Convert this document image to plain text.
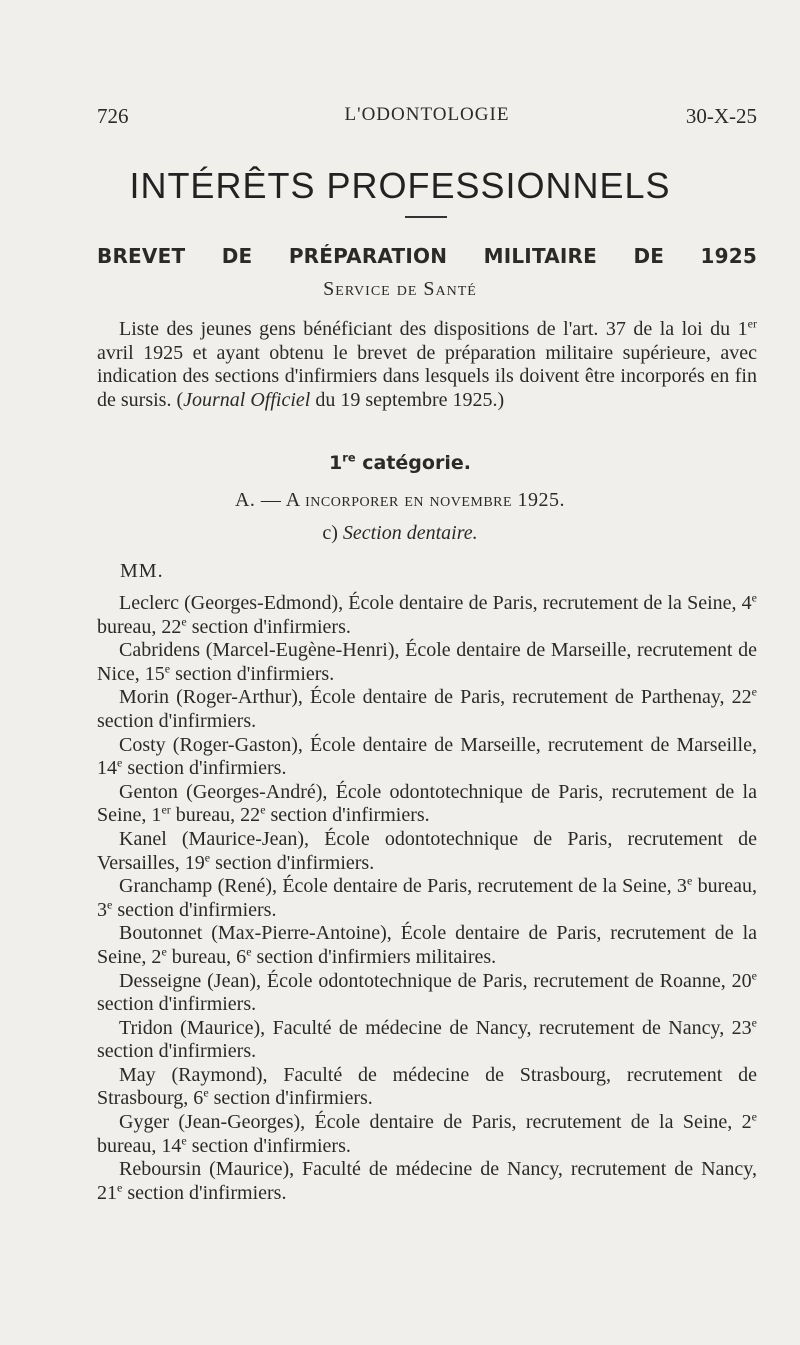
726	L'ODONTOLOGIE	30-X-25
INTÉRÊTS PROFESSIONNELS
BREVET DE PRÉPARATION MILITAIRE DE 1925
Service de Santé

Liste des jeunes gens bénéficiant des dispositions de l'art. 37 de la loi du 1er avril 1925 et ayant obtenu le brevet de préparation militaire supérieure, avec indication des sections d'infirmiers dans lesquels ils doivent être incorporés en fin de sursis. (Journal Officiel du 19 septembre 1925.)

1re catégorie.
A. — A incorporer en novembre 1925.
c) Section dentaire.
MM.

Leclerc (Georges-Edmond), École dentaire de Paris, recrutement de la Seine, 4e bureau, 22e section d'infirmiers.

Cabridens (Marcel-Eugène-Henri), École dentaire de Marseille, recrutement de Nice, 15e section d'infirmiers.

Morin (Roger-Arthur), École dentaire de Paris, recrutement de Parthenay, 22e section d'infirmiers.

Costy (Roger-Gaston), École dentaire de Marseille, recrutement de Marseille, 14e section d'infirmiers.

Genton (Georges-André), École odontotechnique de Paris, recrutement de la Seine, 1er bureau, 22e section d'infirmiers.

Kanel (Maurice-Jean), École odontotechnique de Paris, recrutement de Versailles, 19e section d'infirmiers.

Granchamp (René), École dentaire de Paris, recrutement de la Seine, 3e bureau, 3e section d'infirmiers.

Boutonnet (Max-Pierre-Antoine), École dentaire de Paris, recrutement de la Seine, 2e bureau, 6e section d'infirmiers militaires.

Desseigne (Jean), École odontotechnique de Paris, recrutement de Roanne, 20e section d'infirmiers.

Tridon (Maurice), Faculté de médecine de Nancy, recrutement de Nancy, 23e section d'infirmiers.

May (Raymond), Faculté de médecine de Strasbourg, recrutement de Strasbourg, 6e section d'infirmiers.

Gyger (Jean-Georges), École dentaire de Paris, recrutement de la Seine, 2e bureau, 14e section d'infirmiers.

Reboursin (Maurice), Faculté de médecine de Nancy, recrutement de Nancy, 21e section d'infirmiers.
